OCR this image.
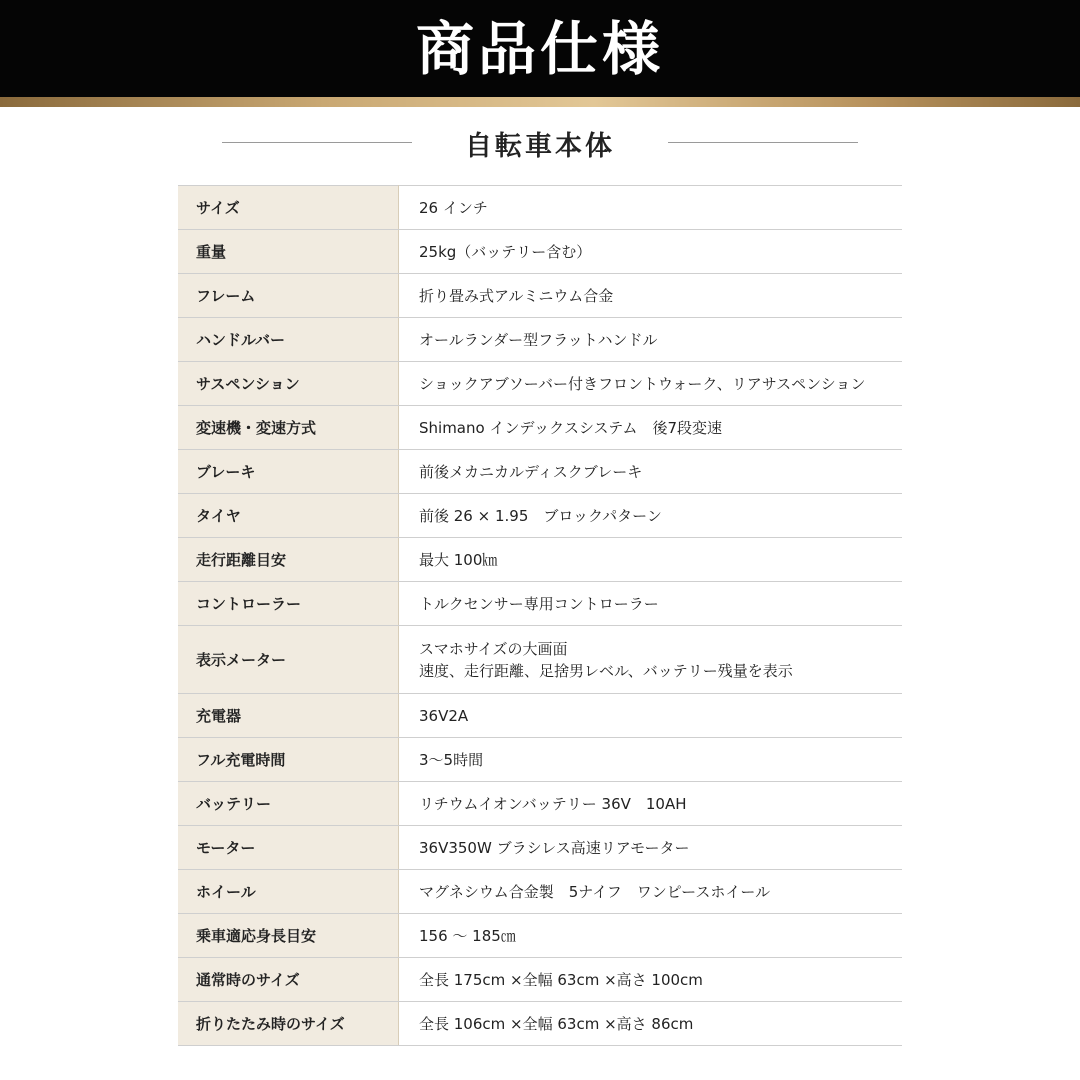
商品仕様
自転車本体
サイズ	26 インチ
重量	25kg（バッテリー含む）
フレーム	折り畳み式アルミニウム合金
ハンドルバー	オールランダー型フラットハンドル
サスペンション	ショックアブソーバー付きフロントウォーク、リアサスペンション
変速機・変速方式	Shimano インデックスシステム　後7段変速
ブレーキ	前後メカニカルディスクブレーキ
タイヤ	前後 26 × 1.95　ブロックパターン
走行距離目安	最大 100㎞
コントローラー	トルクセンサー専用コントローラー
表示メーター	スマホサイズの大画面
速度、走行距離、足捨男レベル、バッテリー残量を表示

充電器	36V2A
フル充電時間	3～5時間
バッテリー	リチウムイオンバッテリー 36V　10AH
モーター	36V350W ブラシレス高速リアモーター
ホイール	マグネシウム合金製　5ナイフ　ワンピースホイール
乗車適応身長目安	156 ～ 185㎝
通常時のサイズ	全長 175cm ×全幅 63cm ×高さ 100cm
折りたたみ時のサイズ	全長 106cm ×全幅 63cm ×高さ 86cm
